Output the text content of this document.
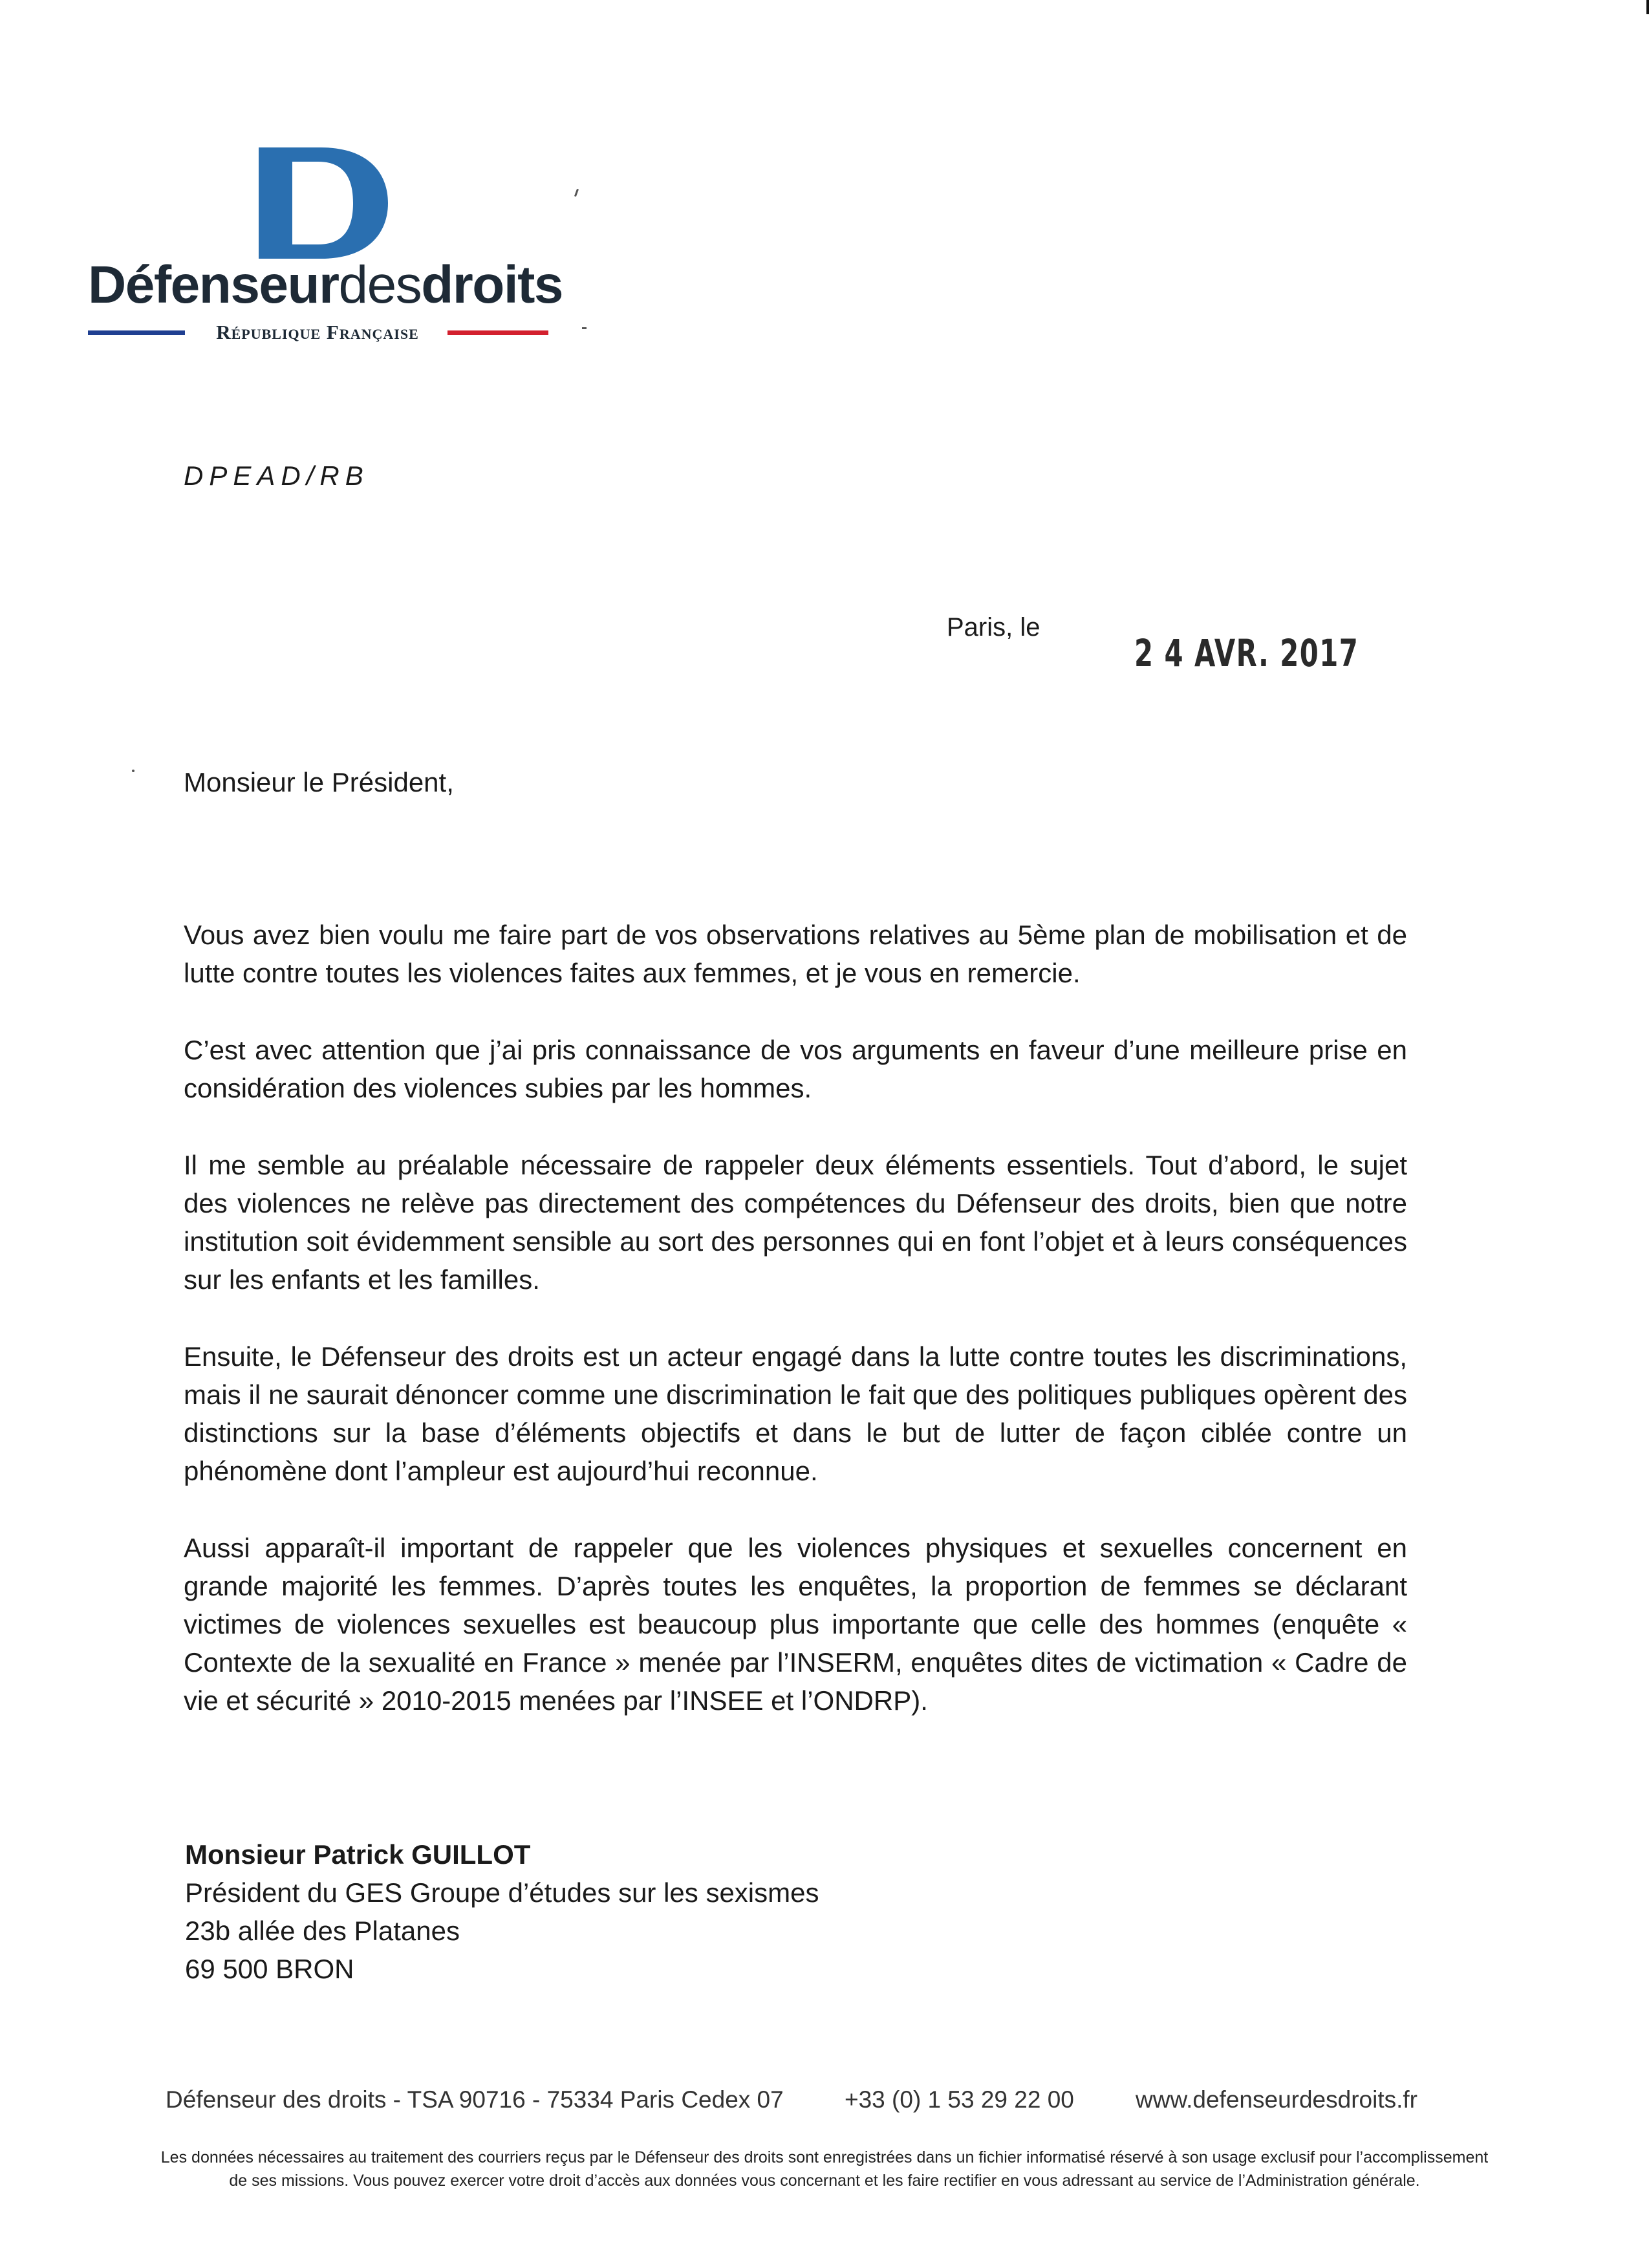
Défenseurdesdroits
République Française
DPEAD/RB
Paris, le
2 4 AVR. 2017
Monsieur le Président,

Vous avez bien voulu me faire part de vos observations relatives au 5ème plan de mobilisation et de lutte contre toutes les violences faites aux femmes, et je vous en remercie.

C’est avec attention que j’ai pris connaissance de vos arguments en faveur d’une meilleure prise en considération des violences subies par les hommes.

Il me semble au préalable nécessaire de rappeler deux éléments essentiels. Tout d’abord, le sujet des violences ne relève pas directement des compétences du Défenseur des droits, bien que notre institution soit évidemment sensible au sort des personnes qui en font l’objet et à leurs conséquences sur les enfants et les familles.

Ensuite, le Défenseur des droits est un acteur engagé dans la lutte contre toutes les discriminations, mais il ne saurait dénoncer comme une discrimination le fait que des politiques publiques opèrent des distinctions sur la base d’éléments objectifs et dans le but de lutter de façon ciblée contre un phénomène dont l’ampleur est aujourd’hui reconnue.

Aussi apparaît-il important de rappeler que les violences physiques et sexuelles concernent en grande majorité les femmes. D’après toutes les enquêtes, la proportion de femmes se déclarant victimes de violences sexuelles est beaucoup plus importante que celle des hommes (enquête « Contexte de la sexualité en France » menée par l’INSERM, enquêtes dites de victimation « Cadre de vie et sécurité » 2010-2015 menées par l’INSEE et l’ONDRP).

Monsieur Patrick GUILLOT
Président du GES Groupe d’études sur les sexismes
23b allée des Platanes
69 500 BRON
Défenseur des droits - TSA 90716 - 75334 Paris Cedex 07	+33 (0) 1 53 29 22 00	www.defenseurdesdroits.fr
Les données nécessaires au traitement des courriers reçus par le Défenseur des droits sont enregistrées dans un fichier informatisé réservé à son usage exclusif pour l’accomplissement
de ses missions. Vous pouvez exercer votre droit d’accès aux données vous concernant et les faire rectifier en vous adressant au service de l’Administration générale.
